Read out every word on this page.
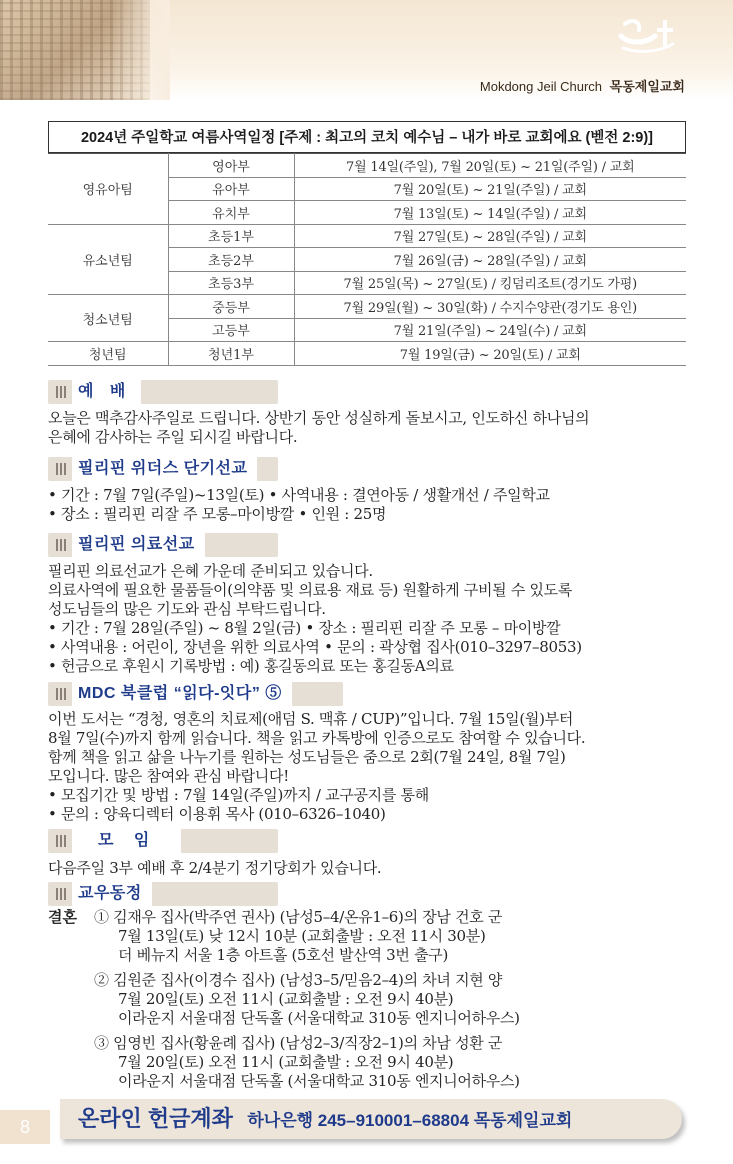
Mokdong Jeil Church 목동제일교회
2024년 주일학교 여름사역일정 [주제 : 최고의 코치 예수님 – 내가 바로 교회에요 (벧전 2:9)]
영유아팀	영아부	7월 14일(주일), 7월 20일(토) ~ 21일(주일) / 교회
	유아부	7월 20일(토) ~ 21일(주일) / 교회
	유치부	7월 13일(토) ~ 14일(주일) / 교회
유소년팀	초등1부	7월 27일(토) ~ 28일(주일) / 교회
	초등2부	7월 26일(금) ~ 28일(주일) / 교회
	초등3부	7월 25일(목) ~ 27일(토) / 킹덤리조트(경기도 가평)
청소년팀	중등부	7월 29일(월) ~ 30일(화) / 수지수양관(경기도 용인)
	고등부	7월 21일(주일) ~ 24일(수) / 교회
청년팀	청년1부	7월 19일(금) ~ 20일(토) / 교회
예 배

오늘은 맥추감사주일로 드립니다. 상반기 동안 성실하게 돌보시고, 인도하신 하나님의

은혜에 감사하는 주일 되시길 바랍니다.

필리핀 위더스 단기선교

• 기간 : 7월 7일(주일)~13일(토) • 사역내용 : 결연아동 / 생활개선 / 주일학교

• 장소 : 필리핀 리잘 주 모롱–마이방깔 • 인원 : 25명

필리핀 의료선교

필리핀 의료선교가 은혜 가운데 준비되고 있습니다.

의료사역에 필요한 물품들이(의약품 및 의료용 재료 등) 원활하게 구비될 수 있도록

성도님들의 많은 기도와 관심 부탁드립니다.

• 기간 : 7월 28일(주일) ~ 8월 2일(금) • 장소 : 필리핀 리잘 주 모롱 – 마이방깔

• 사역내용 : 어린이, 장년을 위한 의료사역 • 문의 : 곽상협 집사(010–3297–8053)

• 헌금으로 후원시 기록방법 : 예) 홍길동의료 또는 홍길동A의료

MDC 북클럽 “읽다-잇다” ⑤

이번 도서는 “경청, 영혼의 치료제(애덤 S. 맥휴 / CUP)”입니다. 7월 15일(월)부터

8월 7일(수)까지 함께 읽습니다. 책을 읽고 카톡방에 인증으로도 참여할 수 있습니다.

함께 책을 읽고 삶을 나누기를 원하는 성도님들은 줌으로 2회(7월 24일, 8월 7일)

모입니다. 많은 참여와 관심 바랍니다!

• 모집기간 및 방법 : 7월 14일(주일)까지 / 교구공지를 통해

• 문의 : 양육디렉터 이용휘 목사 (010–6326–1040)

모 임

다음주일 3부 예배 후 2/4분기 정기당회가 있습니다.

교우동정
결혼 ① 김재우 집사(박주연 권사) (남성5–4/온유1–6)의 장남 건호 군
7월 13일(토) 낮 12시 10분 (교회출발 : 오전 11시 30분)
더 베뉴지 서울 1층 아트홀 (5호선 발산역 3번 출구)
② 김원준 집사(이경수 집사) (남성3–5/믿음2–4)의 차녀 지현 양
7월 20일(토) 오전 11시 (교회출발 : 오전 9시 40분)
이라운지 서울대점 단독홀 (서울대학교 310동 엔지니어하우스)
③ 임영빈 집사(황윤례 집사) (남성2–3/직장2–1)의 차남 성환 군
7월 20일(토) 오전 11시 (교회출발 : 오전 9시 40분)
이라운지 서울대점 단독홀 (서울대학교 310동 엔지니어하우스)
8	온라인 헌금계좌 하나은행 245–910001–68804 목동제일교회
